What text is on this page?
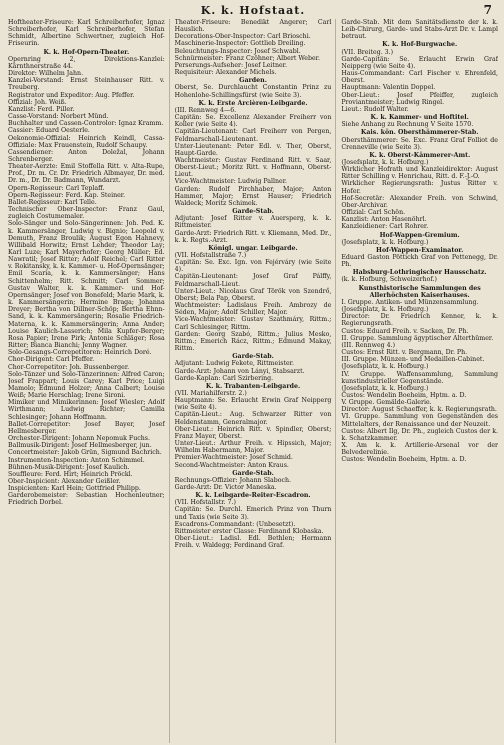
K. k. Hofstaat.	7

Hoftheater-Friseure: Karl Schreiberhofer, Ignaz Schreiberhofer, Karl Schreiberhofer, Stefan Schmidt, Albertine Schwertner, zugleich Hof-Friseurin.

K. k. Hof-Opern-Theater.

Opernring 2, Direktions-Kanzlei: Kärnthnerstraße 44.

Direktor: Wilhelm Jahn.

Kanzlei-Vorstand: Ernst Steinhauser Ritt. v. Treuberg.

Registrator und Expeditor: Aug. Pfeffer.

Offizial: Joh. Weiß.

Kanzlist: Ferd. Piller.

Casse-Vorstand: Norbert Münd.

Buchhalter und Cassen-Controlor: Ignaz Kramm.

Cassier: Eduard Oesterle.

Oekonomie-Offizial: Heinrich Keindl, Cassa-Offiziale: Max Frauenstein, Rudolf Schaupy.

Cassendiener: Anton Doležal, Johann Schrenberger.

Theater-Aerzte: Emil Stoffella Ritt. v. Alta-Rupe, Prof., Dr. m. Cr. Dr. Friedrich Albmayer, Dr. med. Dr. m., Dr. Dr. Badmann, Wundarzt.

Opern-Regisseur: Carl Teplaff.

Opern-Regisseur: Ferd. Kap. Steiner.

Ballet-Regisseur: Karl Telle.

Technischer Ober-Inspector: Franz Gaul, zugleich Costumemaler.

Solo-Sänger und Solo-Sängerinnen: Joh. Ped. K. k. Kammersänger, Ludwig v. Bignio; Leopold v. Demuth, Franz Broulik; August Egon Hahnevy, Willibald Horwitz; Ernst Lehder; Theodor Lay; Karl Luze; Karl Mayerhofer; Georg Müller; Ed. Nawratil; Josef Ritter; Adolf Reichel; Carl Ritter v. Rokitansky, k. k. Kammer- u. Hof-Opernsänger; Emil Scaria, k. k. Kammersänger; Hans Schittenhelm; Ritt. Schmitt; Carl Sommer; Gustav Walter, k. k. Kammer- und Hof-Opernsänger; Josef von Bonefeld; Marie Mark, k. k. Kammersängerin; Hermine Braga; Johanna Dreyer; Bertha von Dillner-Schöp; Bertha Ehnn-Sand, k. k. Kammersängerin; Rosalie Friedrich-Materna, k. k. Kammersängerin; Anna Ander; Louise Kaulich-Lasserich; Mila Kupfer-Berger; Rosa Papier; Irene Pirk; Antonie Schläger; Rosa Ritter; Bianca Bianchi; Jenny Wagner.

Solo-Gesangs-Correpetitoren: Heinrich Doré.

Chor-Dirigent: Carl Pfeffer.

Chor-Correpetitor: Joh. Bussenberger.

Solo-Tänzer und Solo-Tänzerinnen: Alfred Caron; Josef Frappart; Louis Carey; Karl Price; Luigi Mamolo; Edmund Holzer; Anna Calbert; Louise Weiß; Marie Herschlag; Irene Sironi.

Mimiker und Mimikerinnen: Josef Wiesler; Adolf Wirthmann; Ludwig Richter; Camilla Schlesinger; Johann Hoffmann.

Ballet-Correpetitor: Josef Bayer, Josef Hellmesberger.

Orchester-Dirigent: Johann Nepomuk Fuchs.

Ballmusik-Dirigent: Josef Hellmesberger, jun.

Concertmeister: Jakob Grün, Sigmund Bachrich.

Instrumenten-Inspection: Anton Schimmel.

Bühnen-Musik-Dirigent: Josef Kaulich.

Souffleure: Ferd. Hirt; Heinrich Pröckl.

Ober-Inspicient: Alexander Geißler.

Inspicienten: Karl Hein; Gottfried Philipp.

Garderobemeister: Sebastian Hochenleutner; Friedrich Dorbel.

Theater-Friseure: Benedikt Angerer; Carl Hauslich.

Decorations-Ober-Inspector: Carl Brioschi.

Maschinerie-Inspector: Gottlieb Dreiling.

Beleuchtungs-Inspector: Josef Schwabl.

Schnürmeister: Franz Czöhner; Albert Weber.

Perserungs-Aufseher: Josef Leitner.

Requisiteur: Alexander Michels.

Garden.

Oberst, Se. Durchlaucht Constantin Prinz zu Hohenlohe-Schillingsfürst (wie Seite 3).

K. k. Erste Arcièren-Leibgarde.

(III. Rennweg 4—6.

Capitän: Se. Excellenz Alexander Freiherr von Koller (wie Seite 4).

Capitän-Lieutenant: Carl Freiherr von Pergen, Feldmarschall-Lieutenant.

Unter-Lieutenant: Peter Edl. v. Ther, Oberst, Haupt-Garde.

Wachtmeister: Gustav Ferdinand Ritt. v. Saar, Oberst-Lieut.; Moritz Ritt. v. Hoffmann, Oberst-Lieut.

Vice-Wachtmeister: Ludwig Pallner.

Garden: Rudolf Pirchhaber, Major; Anton Hammer, Major; Ernst Hauser; Friedrich Waldeck; Moritz Schimek.

Garde-Stab.

Adjutant: Josef Ritter v. Auersperg, k. k. Rittmeister.

Garde-Arzt: Friedrich Ritt. v. Kliemann, Med. Dr., k. k. Regts.-Arzt.

Königl. ungar. Leibgarde.

(VII. Hofstallstraße 7.)

Capitän: Se. Exc. Ign. von Fejérváry (wie Seite 4).

Capitän-Lieutenant: Josef Graf Pálffy, Feldmarschall-Lieut.

Unter-Lieut.: Nicolaus Graf Török von Szendrő, Oberst; Bela Pap, Oberst.

Wachtmeister: Ladislaus Freih. Ambrozy de Séden, Major; Adolf Schiller, Major.

Vice-Wachtmeister: Gustav Szathmáry, Rittm.; Carl Schlesinger, Rittm.

Garden: Georg Szabó, Rittm.; Julius Mesko, Rittm.; Emerich Rácz, Rittm.; Edmund Makay, Rittm.

Garde-Stab.

Adjutant: Ludwig Fekete, Rittmeister.

Garde-Arzt: Johann von Lányi, Stabsarzt.

Garde-Kaplan: Carl Szirbering.

K. k. Trabanten-Leibgarde.

(VII. Mariahilferstr. 2.)

Hauptmann: Se. Erlaucht Erwin Graf Neipperg (wie Seite 4).

Capitän-Lieut.: Aug. Schwarzer Ritter von Heldenstamm, Generalmajor.

Ober-Lieut.: Heinrich Ritt. v. Spindler, Oberst; Franz Mayer, Oberst.

Unter-Lieut.: Arthur Freih. v. Hipssich, Major; Wilhelm Habermann, Major.

Premier-Wachtmeister: Josef Schmid.

Second-Wachtmeister: Anton Kraus.

Garde-Stab.

Rechnungs-Offizier: Johann Slaboch.

Garde-Arzt: Dr. Victor Maneska.

K. k. Leibgarde-Reiter-Escadron.

(VII. Hofstallstr. 7.)

Capitän: Se. Durchl. Emerich Prinz von Thurn und Taxis (wie Seite 3).

Escadrons-Commandant: (Unbesetzt).

Rittmeister erster Classe: Ferdinand Klobaska.

Ober-Lieut.: Ladisl. Edl. Bethlen; Hermann Freih. v. Waldegg; Ferdinand Graf.

Garde-Stab. Mit dem Sanitätsdienste der k. k. Leib-Chirurg, Garde- und Stabs-Arzt Dr. v. Lampl betraut.

K. k. Hof-Burgwache.

(VII. Breiteg. 3.)

Garde-Capitän: Se. Erlaucht Erwin Graf Neipperg (wie Seite 4).

Haus-Commandant: Carl Fischer v. Ehrenfeld, Oberst.

Hauptmann: Valentin Doppel.

Ober-Lieut.: Josef Pfeiffer, zugleich Proviantmeister; Ludwig Ringel.

Lieut.: Rudolf Walter.

K. k. Kammer- und Hoftitel.

Siehe Anhang zu Rechnung V Seite 1570.

Kais. kön. Obersthämmerer-Stab.

Obersthämmerer: Se. Exc. Franz Graf Folliot de Crenneville (wie Seite 3).

K. k. Oberst-Kämmerer-Amt.

(Josefsplatz, k. k. Hofburg.)

Wirklicher Hofrath und Kanzleidirektor: August Ritter Schilling v. Henrichau, Ritt. d. F.-J.-O.

Wirklicher Regierungsrath: Justus Ritter v. Hofer.

Hof-Secretär: Alexander Freih. von Schwind, Ober-Archivar.

Offizial: Carl Schön.

Kanzlist: Anton Hasenöhrl.

Kanzleidiener: Carl Rohrer.

Hof-Wappen-Gremium.

(Josefsplatz, k. k. Hofburg.)

Hof-Wappen-Examinator.

Eduard Gaston Pöttickh Graf von Pettenegg, Dr. Ph.

Habsburg-Lothringischer Hausschatz.

(k. k. Hofburg, Schweizerhof.)

Kunsthistorische Sammlungen des Allerhöchsten Kaiserhauses.

I. Gruppe. Antiken- und Münzensammlung.

(Josefsplatz, k. k. Hofburg.)

Director: Dr. Friedrich Kenner, k. k. Regierungsrath.

Custos: Eduard Freih. v. Sacken, Dr. Ph.

II. Gruppe. Sammlung ägyptischer Alterthümer.

(III. Rennweg 4.)

Custos: Ernst Ritt. v. Bergmann, Dr. Ph.

III. Gruppe. Münzen- und Medaillen-Cabinet.

(Josefsplatz, k. k. Hofburg.)

IV. Gruppe. Waffensammlung, Sammlung kunstindustrieller Gegenstände.

(Josefsplatz, k. k. Hofburg.)

Custos: Wendelin Boeheim, Hptm. a. D.

V. Gruppe. Gemälde-Galerie.

Director: August Schaeffer, k. k. Regierungsrath.

VI. Gruppe. Sammlung von Gegenständen des Mittelalters, der Renaissance und der Neuzeit.

Custos: Albert Ilg, Dr. Ph., zugleich Custos der k. k. Schatzkammer.

X. Am k. k. Artillerie-Arsenal vor der Belvederelinie.

Custos: Wendelin Boeheim, Hptm. a. D.
